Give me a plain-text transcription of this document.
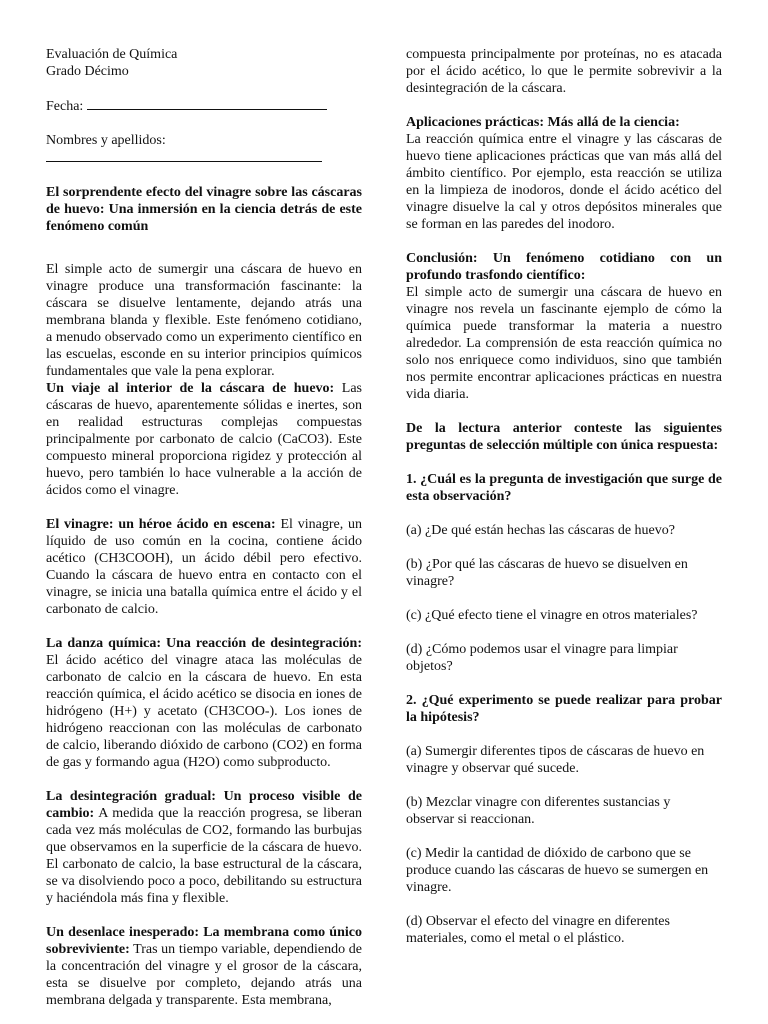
Evaluación de Química
Grado Décimo
Fecha:
Nombres y apellidos:

El sorprendente efecto del vinagre sobre las cáscaras de huevo: Una inmersión en la ciencia detrás de este fenómeno común

El simple acto de sumergir una cáscara de huevo en vinagre produce una transformación fascinante: la cáscara se disuelve lentamente, dejando atrás una membrana blanda y flexible. Este fenómeno cotidiano, a menudo observado como un experimento científico en las escuelas, esconde en su interior principios químicos fundamentales que vale la pena explorar.

Un viaje al interior de la cáscara de huevo: Las cáscaras de huevo, aparentemente sólidas e inertes, son en realidad estructuras complejas compuestas principalmente por carbonato de calcio (CaCO3). Este compuesto mineral proporciona rigidez y protección al huevo, pero también lo hace vulnerable a la acción de ácidos como el vinagre.

El vinagre: un héroe ácido en escena: El vinagre, un líquido de uso común en la cocina, contiene ácido acético (CH3COOH), un ácido débil pero efectivo. Cuando la cáscara de huevo entra en contacto con el vinagre, se inicia una batalla química entre el ácido y el carbonato de calcio.

La danza química: Una reacción de desintegración: El ácido acético del vinagre ataca las moléculas de carbonato de calcio en la cáscara de huevo. En esta reacción química, el ácido acético se disocia en iones de hidrógeno (H+) y acetato (CH3COO-). Los iones de hidrógeno reaccionan con las moléculas de carbonato de calcio, liberando dióxido de carbono (CO2) en forma de gas y formando agua (H2O) como subproducto.

La desintegración gradual: Un proceso visible de cambio: A medida que la reacción progresa, se liberan cada vez más moléculas de CO2, formando las burbujas que observamos en la superficie de la cáscara de huevo. El carbonato de calcio, la base estructural de la cáscara, se va disolviendo poco a poco, debilitando su estructura y haciéndola más fina y flexible.

Un desenlace inesperado: La membrana como único sobreviviente: Tras un tiempo variable, dependiendo de la concentración del vinagre y el grosor de la cáscara, esta se disuelve por completo, dejando atrás una membrana delgada y transparente. Esta membrana,

compuesta principalmente por proteínas, no es atacada por el ácido acético, lo que le permite sobrevivir a la desintegración de la cáscara.

Aplicaciones prácticas: Más allá de la ciencia:

La reacción química entre el vinagre y las cáscaras de huevo tiene aplicaciones prácticas que van más allá del ámbito científico. Por ejemplo, esta reacción se utiliza en la limpieza de inodoros, donde el ácido acético del vinagre disuelve la cal y otros depósitos minerales que se forman en las paredes del inodoro.

Conclusión: Un fenómeno cotidiano con un profundo trasfondo científico:

El simple acto de sumergir una cáscara de huevo en vinagre nos revela un fascinante ejemplo de cómo la química puede transformar la materia a nuestro alrededor. La comprensión de esta reacción química no solo nos enriquece como individuos, sino que también nos permite encontrar aplicaciones prácticas en nuestra vida diaria.

De la lectura anterior conteste las siguientes preguntas de selección múltiple con única respuesta:

1. ¿Cuál es la pregunta de investigación que surge de esta observación?

(a) ¿De qué están hechas las cáscaras de huevo?

(b) ¿Por qué las cáscaras de huevo se disuelven en vinagre?

(c) ¿Qué efecto tiene el vinagre en otros materiales?

(d) ¿Cómo podemos usar el vinagre para limpiar objetos?

2. ¿Qué experimento se puede realizar para probar la hipótesis?

(a) Sumergir diferentes tipos de cáscaras de huevo en vinagre y observar qué sucede.

(b) Mezclar vinagre con diferentes sustancias y observar si reaccionan.

(c) Medir la cantidad de dióxido de carbono que se produce cuando las cáscaras de huevo se sumergen en vinagre.

(d) Observar el efecto del vinagre en diferentes materiales, como el metal o el plástico.
